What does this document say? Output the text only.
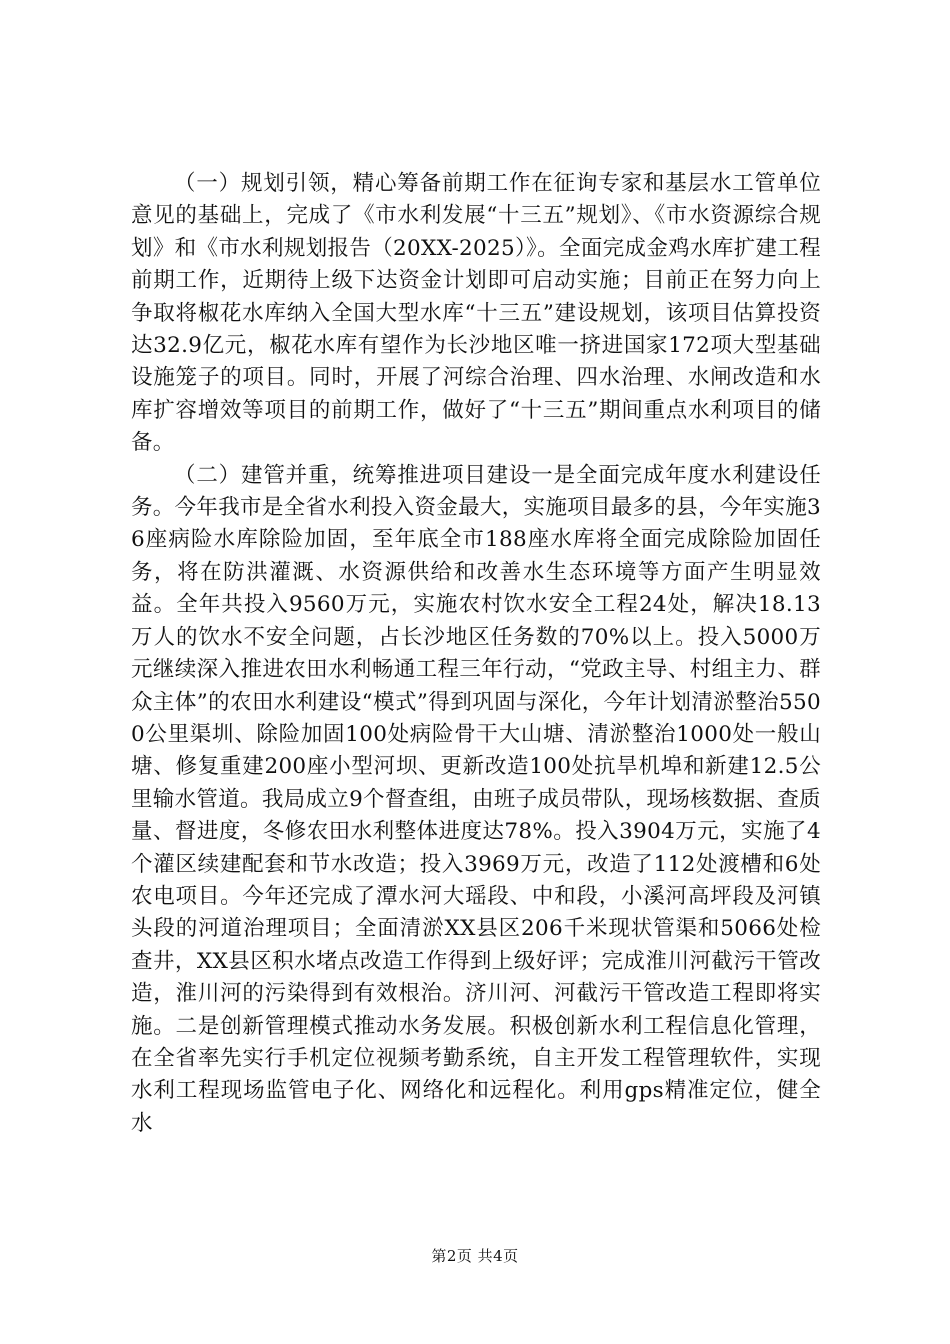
（一）规划引领，精心筹备前期工作在征询专家和基层水工管单位意见的基础上，完成了《市水利发展“十三五”规划》、《市水资源综合规划》和《市水利规划报告（20XX-2025）》。全面完成金鸡水库扩建工程前期工作，近期待上级下达资金计划即可启动实施；目前正在努力向上争取将椒花水库纳入全国大型水库“十三五”建设规划，该项目估算投资达32.9亿元，椒花水库有望作为长沙地区唯一挤进国家172项大型基础设施笼子的项目。同时，开展了河综合治理、四水治理、水闸改造和水库扩容增效等项目的前期工作，做好了“十三五”期间重点水利项目的储备。

（二）建管并重，统筹推进项目建设一是全面完成年度水利建设任务。今年我市是全省水利投入资金最大，实施项目最多的县，今年实施36座病险水库除险加固，至年底全市188座水库将全面完成除险加固任务，将在防洪灌溉、水资源供给和改善水生态环境等方面产生明显效益。全年共投入9560万元，实施农村饮水安全工程24处，解决18.13万人的饮水不安全问题，占长沙地区任务数的70%以上。投入5000万元继续深入推进农田水利畅通工程三年行动，“党政主导、村组主力、群众主体”的农田水利建设“模式”得到巩固与深化，今年计划清淤整治5500公里渠圳、除险加固100处病险骨干大山塘、清淤整治1000处一般山塘、修复重建200座小型河坝、更新改造100处抗旱机埠和新建12.5公里输水管道。我局成立9个督查组，由班子成员带队，现场核数据、查质量、督进度，冬修农田水利整体进度达78%。投入3904万元，实施了4个灌区续建配套和节水改造；投入3969万元，改造了112处渡槽和6处农电项目。今年还完成了潭水河大瑶段、中和段，小溪河高坪段及河镇头段的河道治理项目；全面清淤XX县区206千米现状管渠和5066处检查井，XX县区积水堵点改造工作得到上级好评；完成淮川河截污干管改造，淮川河的污染得到有效根治。济川河、河截污干管改造工程即将实施。二是创新管理模式推动水务发展。积极创新水利工程信息化管理，在全省率先实行手机定位视频考勤系统，自主开发工程管理软件，实现水利工程现场监管电子化、网络化和远程化。利用gps精准定位，健全水

第2页 共4页
